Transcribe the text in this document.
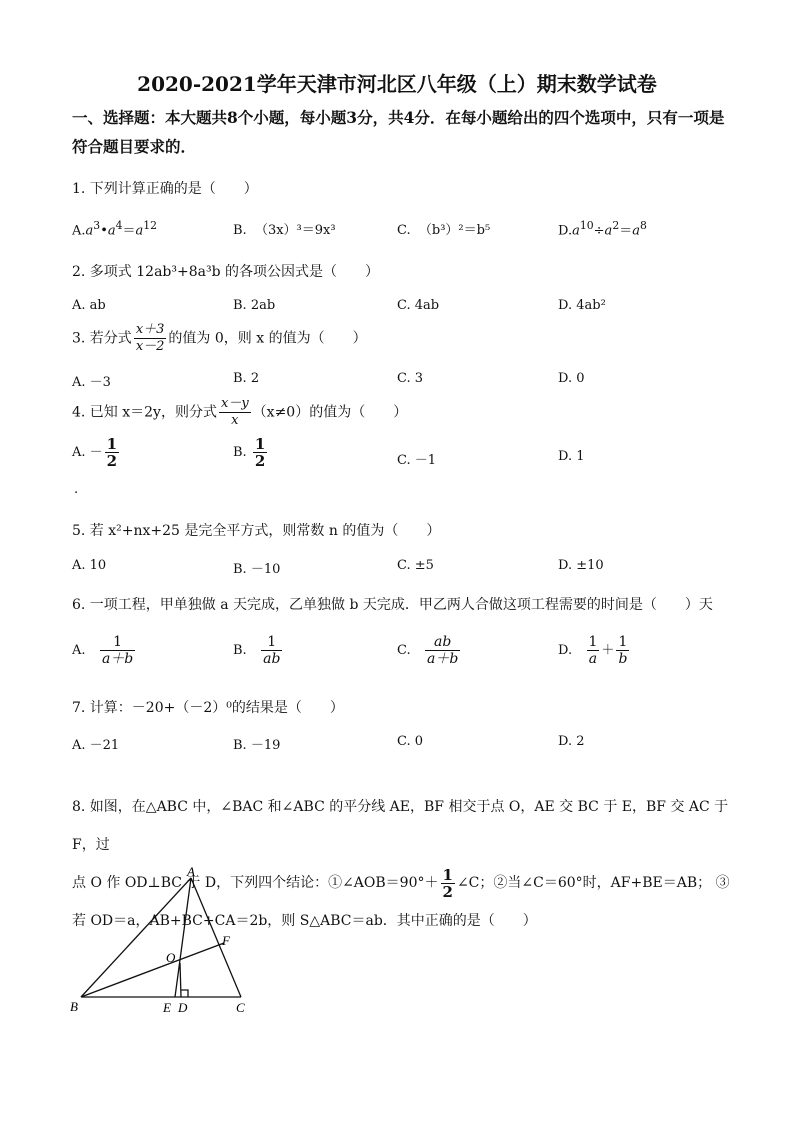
2020-2021学年天津市河北区八年级（上）期末数学试卷
一、选择题：本大题共8个小题，每小题3分，共4分．在每小题给出的四个选项中，只有一项是符合题目要求的．
1. 下列计算正确的是（　　）
$A.a^3•a^4=a^{12}$	B. （3x）³＝9x³	C. （b³）²＝b⁵	$D.a^{10}\div a^2=a^8$
2. 多项式 12ab³+8a³b 的各项公因式是（　　）
A. ab	B. 2ab	C. 4ab	D. 4ab²
3. 若分式 $\frac{x+3}{x-2}$ 的值为 0，则 x 的值为（　　）
A. －3	B. 2	C. 3	D. 0
4. 已知 x＝2y，则分式 $\frac{x-y}{x} (x\ne 0)$的值为（　　）
A. － $\frac{1}{2}$	B. $\frac{1}{2}$	C. －1	D. 1
.
5. 若 x²+nx+25 是完全平方式，则常数 n 的值为（　　）
A. 10	B. －10	C. ±5	D. ±10
6. 一项工程，甲单独做 a 天完成，乙单独做 b 天完成．甲乙两人合做这项工程需要的时间是（　　）天
A. $\frac{1}{a+b}$	B. $\frac{1}{ab}$	C. $\frac{ab}{a+b}$	D. $\frac{1}{a} + \frac{1}{b}$
7. 计算：－20+（－2）⁰的结果是（　　）
A. －21	B. －19	C. 0	D. 2
8. 如图，在△ABC 中，∠BAC 和∠ABC 的平分线 AE，BF 相交于点 O，AE 交 BC 于 E，BF 交 AC 于 F，过
点 O 作 OD⊥BC 于 D，下列四个结论：①∠AOB＝90°＋ $\frac{1}{2}$ ∠C；②当∠C＝60°时，AF+BE＝AB； ③
若 OD＝a，AB+BC+CA＝2b，则 S△ABC＝ab．其中正确的是（　　）
A
B	C
O
F
E D
